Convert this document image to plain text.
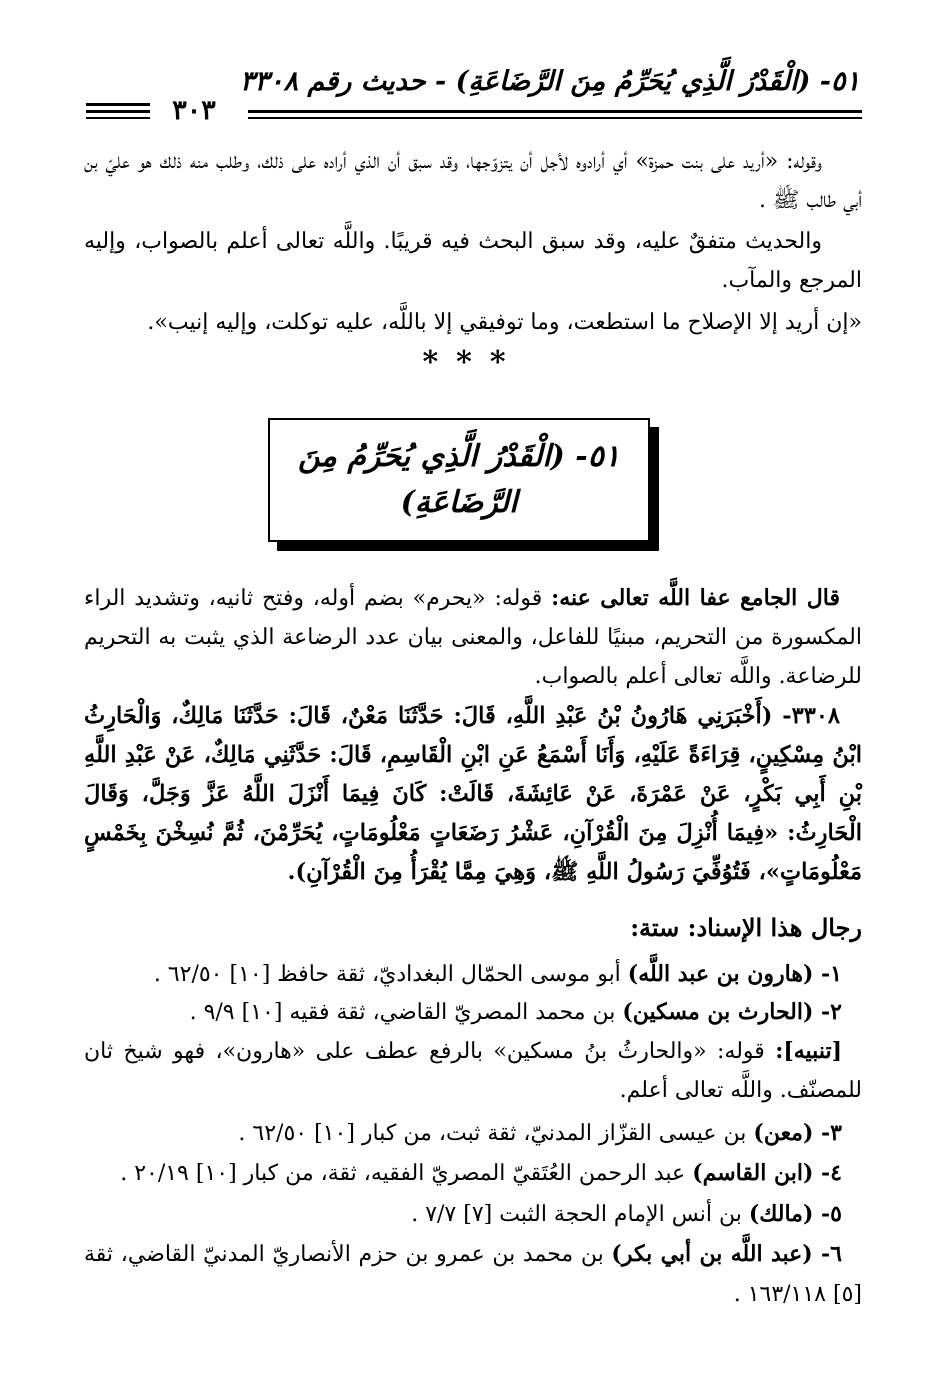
٥١- (الْقَدْرُ الَّذِي يُحَرِّمُ مِنَ الرَّضَاعَةِ) - حديث رقم ٣٣٠٨
٣٠٣
وقوله: «أريد على بنت حمزة» أي أرادوه لأجل أن يتزوّجها، وقد سبق أن الذي أراده على ذلك، وطلب منه ذلك هو عليّ بن أبي طالب ﷺ .
والحديث متفقٌ عليه، وقد سبق البحث فيه قريبًا. واللَّه تعالى أعلم بالصواب، وإليه المرجع والمآب.
«إن أريد إلا الإصلاح ما استطعت، وما توفيقي إلا باللَّه، عليه توكلت، وإليه إنيب».
***
٥١- (الْقَدْرُ الَّذِي يُحَرِّمُ مِنَ
الرَّضَاعَةِ)
قال الجامع عفا اللَّه تعالى عنه: قوله: «يحرم» بضم أوله، وفتح ثانيه، وتشديد الراء المكسورة من التحريم، مبنيًا للفاعل، والمعنى بيان عدد الرضاعة الذي يثبت به التحريم للرضاعة. واللَّه تعالى أعلم بالصواب.
٣٣٠٨- (أَخْبَرَنِي هَارُونُ بْنُ عَبْدِ اللَّهِ، قَالَ: حَدَّثَنَا مَعْنٌ، قَالَ: حَدَّثَنَا مَالِكٌ، وَالْحَارِثُ ابْنُ مِسْكِينٍ، قِرَاءَةً عَلَيْهِ، وَأَنَا أَسْمَعُ عَنِ ابْنِ الْقَاسِمِ، قَالَ: حَدَّثَنِي مَالِكٌ، عَنْ عَبْدِ اللَّهِ بْنِ أَبِي بَكْرٍ، عَنْ عَمْرَةَ، عَنْ عَائِشَةَ، قَالَتْ: كَانَ فِيمَا أَنْزَلَ اللَّهُ عَزَّ وَجَلَّ، وَقَالَ الْحَارِثُ: «فِيمَا أُنْزِلَ مِنَ الْقُرْآنِ، عَشْرُ رَضَعَاتٍ مَعْلُومَاتٍ، يُحَرِّمْنَ، ثُمَّ نُسِخْنَ بِخَمْسٍ مَعْلُومَاتٍ»، فَتُوُفِّيَ رَسُولُ اللَّهِ ﷺ، وَهِيَ مِمَّا يُقْرَأُ مِنَ الْقُرْآنِ).
رجال هذا الإسناد: ستة:
١- (هارون بن عبد اللَّه) أبو موسى الحمّال البغداديّ، ثقة حافظ [١٠] ٦٢/٥٠ .
٢- (الحارث بن مسكين) بن محمد المصريّ القاضي، ثقة فقيه [١٠] ٩/٩ .
[تنبيه]: قوله: «والحارثُ بنُ مسكين» بالرفع عطف على «هارون»، فهو شيخ ثان للمصنّف. واللَّه تعالى أعلم.
٣- (معن) بن عيسى القزّاز المدنيّ، ثقة ثبت، من كبار [١٠] ٦٢/٥٠ .
٤- (ابن القاسم) عبد الرحمن العُتَقيّ المصريّ الفقيه، ثقة، من كبار [١٠] ٢٠/١٩ .
٥- (مالك) بن أنس الإمام الحجة الثبت [٧] ٧/٧ .
٦- (عبد اللَّه بن أبي بكر) بن محمد بن عمرو بن حزم الأنصاريّ المدنيّ القاضي، ثقة [٥] ١٦٣/١١٨ .
